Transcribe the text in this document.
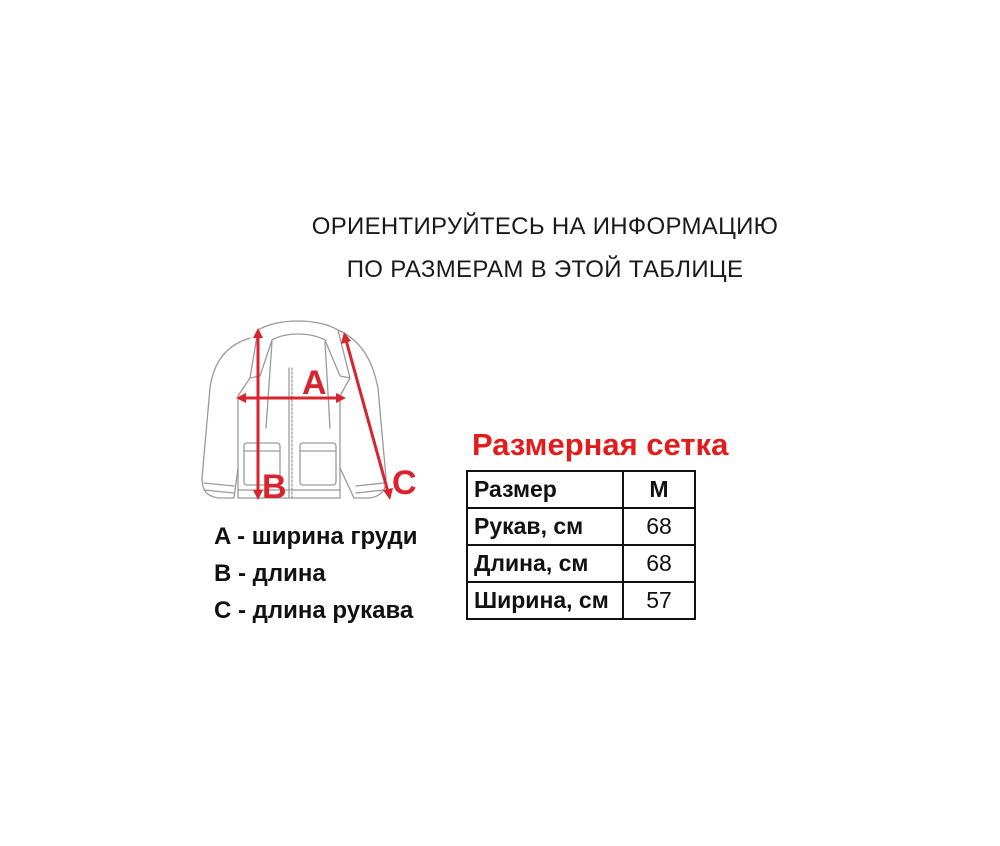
ОРИЕНТИРУЙТЕСЬ НА ИНФОРМАЦИЮ
ПО РАЗМЕРАМ В ЭТОЙ ТАБЛИЦЕ
A
B	C
A - ширина груди
B - длина
C - длина рукава
Размерная сетка
Размер	M
Рукав, см	68
Длина, см	68
Ширина, см	57
